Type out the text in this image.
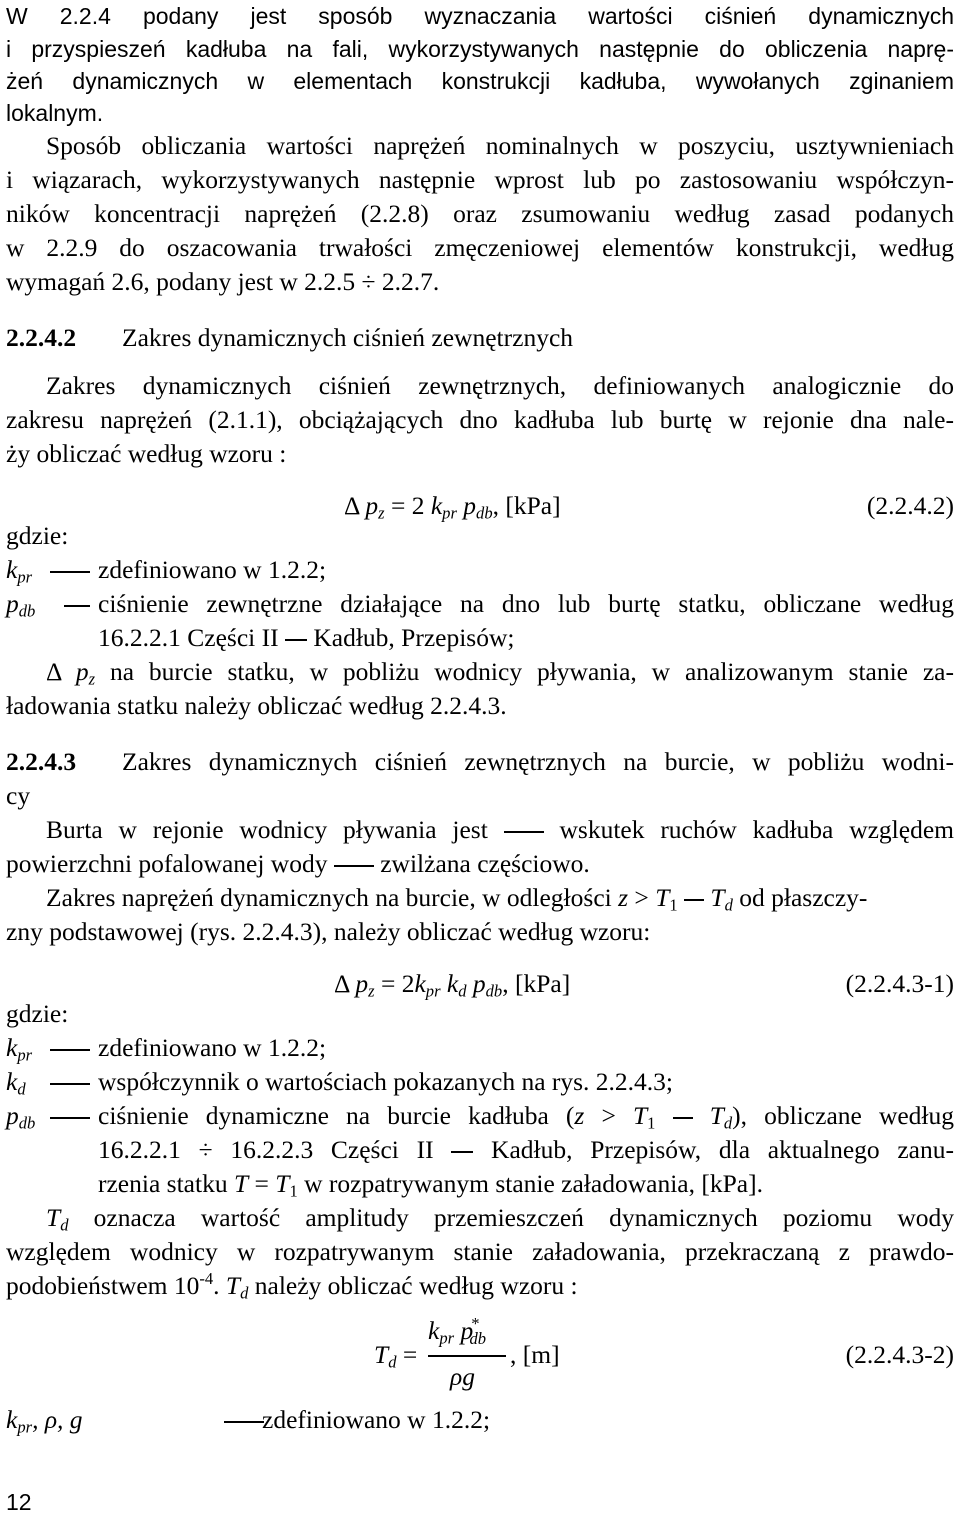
W 2.2.4 podany jest sposób wyznaczania wartości ciśnień dynamicznych
i przyspieszeń kadłuba na fali, wykorzystywanych następnie do obliczenia naprę-
żeń dynamicznych w elementach konstrukcji kadłuba, wywołanych zginaniem
lokalnym.
Sposób obliczania wartości naprężeń nominalnych w poszyciu, usztywnieniach
i wiązarach, wykorzystywanych następnie wprost lub po zastosowaniu współczyn-
ników koncentracji naprężeń (2.2.8) oraz zsumowaniu według zasad podanych
w 2.2.9 do oszacowania trwałości zmęczeniowej elementów konstrukcji, według
wymagań 2.6, podany jest w 2.2.5 ÷ 2.2.7.
2.2.4.2 Zakres dynamicznych ciśnień zewnętrznych
Zakres dynamicznych ciśnień zewnętrznych, definiowanych analogicznie do
zakresu naprężeń (2.1.1), obciążających dno kadłuba lub burtę w rejonie dna nale-
ży obliczać według wzoru :
Δ $p_z = 2$ $k_{pr}$ $p_{db}$, [kPa]	(2.2.4.2)
gdzie:
$k_{pr}$	zdefiniowano w 1.2.2;
$p_{db}$	ciśnienie zewnętrzne działające na dno lub burtę statku, obliczane według
16.2.2.1 Części II  Kadłub, Przepisów;
Δ $p_z$ na burcie statku, w pobliżu wodnicy pływania, w analizowanym stanie za-
ładowania statku należy obliczać według 2.2.4.3.
2.2.4.3	Zakres dynamicznych ciśnień zewnętrznych na burcie, w pobliżu wodni-
cy
Burta w rejonie wodnicy pływania jest  wskutek ruchów kadłuba względem
powierzchni pofalowanej wody  zwilżana częściowo.
Zakres naprężeń dynamicznych na burcie, w odległości $z > T_1$ $T_d$ od płaszczy-
zny podstawowej (rys. 2.2.4.3), należy obliczać według wzoru:
Δ $p_z = 2k_{pr}$ $k_d$ $p_{db}$, [kPa]	(2.2.4.3-1)
gdzie:
$k_{pr}$	zdefiniowano w 1.2.2;
$k_d$	współczynnik o wartościach pokazanych na rys. 2.2.4.3;
$p_{db}$	ciśnienie dynamiczne na burcie kadłuba ($z > T_1$ $T_d$), obliczane według
16.2.2.1 ÷ 16.2.2.3 Części II  Kadłub, Przepisów, dla aktualnego zanu-
rzenia statku $T = T_1$ w rozpatrywanym stanie załadowania, [kPa].
$T_d$ oznacza wartość amplitudy przemieszczeń dynamicznych poziomu wody
względem wodnicy w rozpatrywanym stanie załadowania, przekraczaną z prawdo-
podobieństwem $10^{-4}$. $T_d$ należy obliczać według wzoru :
$T_d$ =
$k_{pr}$ $p^*_{db}$
ρg
, [m]	(2.2.4.3-2)
$k_{pr}$, ρ, g	zdefiniowano w 1.2.2;
12
